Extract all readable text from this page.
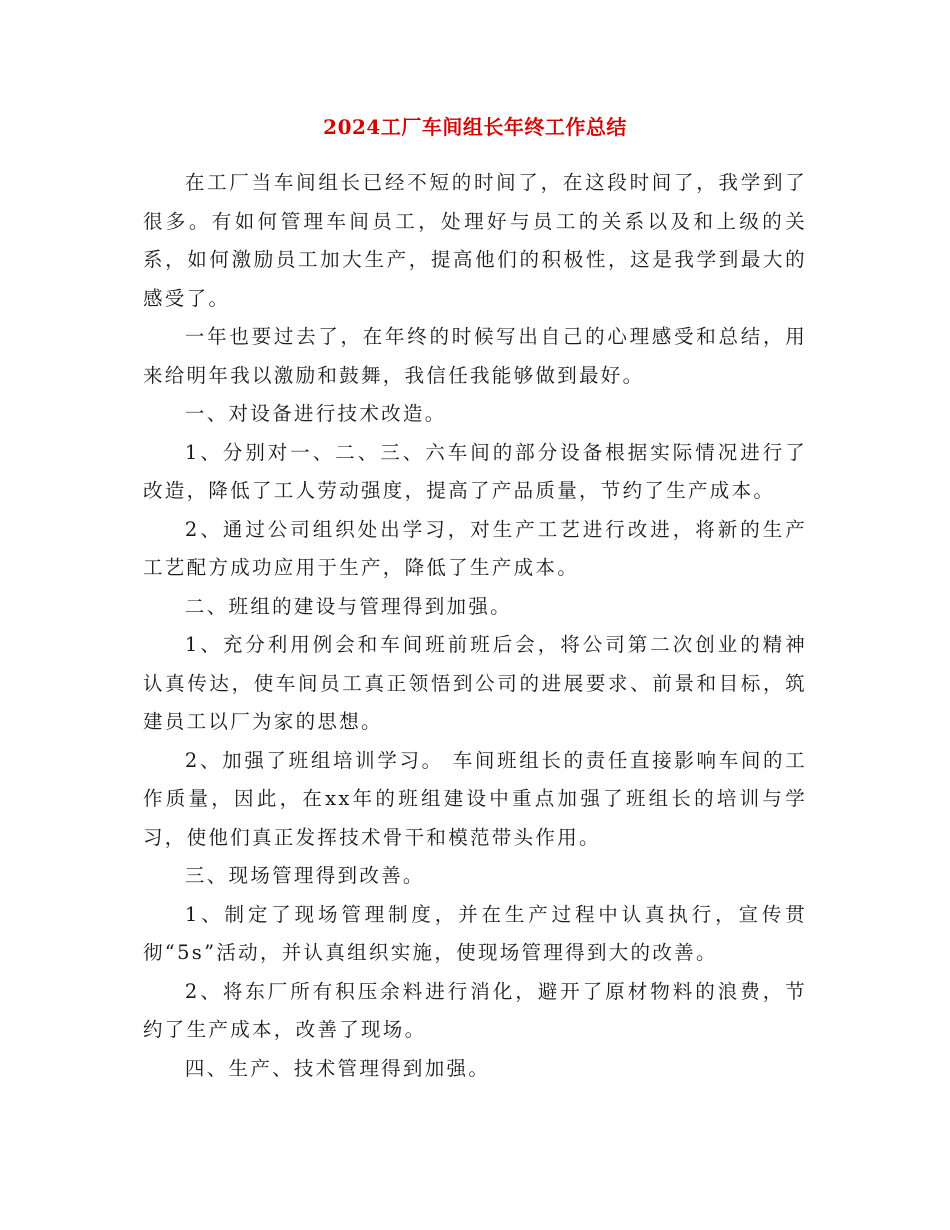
2024工厂车间组长年终工作总结

在工厂当车间组长已经不短的时间了，在这段时间了，我学到了很多。有如何管理车间员工，处理好与员工的关系以及和上级的关系，如何激励员工加大生产，提高他们的积极性，这是我学到最大的感受了。

一年也要过去了，在年终的时候写出自己的心理感受和总结，用来给明年我以激励和鼓舞，我信任我能够做到最好。

一、对设备进行技术改造。

1、分别对一、二、三、六车间的部分设备根据实际情况进行了改造，降低了工人劳动强度，提高了产品质量，节约了生产成本。

2、通过公司组织处出学习，对生产工艺进行改进，将新的生产工艺配方成功应用于生产，降低了生产成本。

二、班组的建设与管理得到加强。

1、充分利用例会和车间班前班后会，将公司第二次创业的精神认真传达，使车间员工真正领悟到公司的进展要求、前景和目标，筑建员工以厂为家的思想。

2、加强了班组培训学习。 车间班组长的责任直接影响车间的工作质量，因此，在xx年的班组建设中重点加强了班组长的培训与学习，使他们真正发挥技术骨干和模范带头作用。

三、现场管理得到改善。

1、制定了现场管理制度，并在生产过程中认真执行，宣传贯彻“5s”活动，并认真组织实施，使现场管理得到大的改善。

2、将东厂所有积压余料进行消化，避开了原材物料的浪费，节约了生产成本，改善了现场。

四、生产、技术管理得到加强。
